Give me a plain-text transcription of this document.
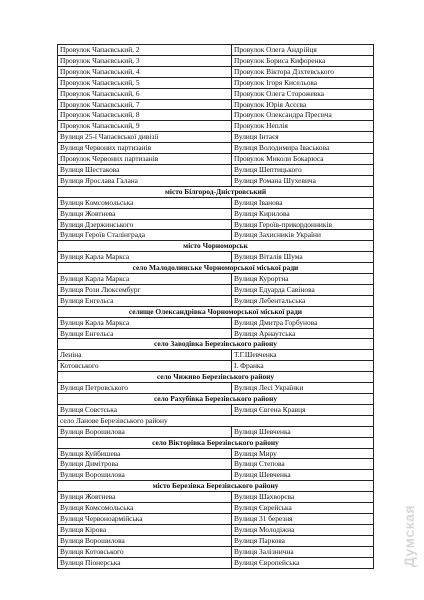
Провулок Чапаєвський, 2	Провулок Олега Андрійця
Провулок Чапаєвський, 3	Провулок Бориса Кифоренка
Провулок Чапаєвський, 4	Провулок Віктора Дзхтевського
Провулок Чапаєвський, 5	Провулок Ігоря Кисельова
Провулок Чапаєвський, 6	Провулок Олега Сторожевка
Провулок Чапаєвський, 7	Провулок Юрія Асєєва
Провулок Чапаєвський, 8	Провулок Олександра Пресича
Провулок Чапаєвський, 9	Провулок Неплія
Вулиця 25-ї Чапаєвської дивізії	Вулиця Інтаєя
Вулиця Червоних партизанів	Вулиця Володимира Іваськова
Провулок Червоних партизанів	Провулок Миколи Бокарюса
Вулиця Шестакова	Вулиця Шептицького
Вулиця Ярослава Галана	Вулиця Романа Шухевича
місто Білгород-Дністровський	
Вулиця Комсомольська	Вулиця Іванова
Вулиця Жовтнева	Вулиця Кирилова
Вулиця Дзержинського	Вулиця Героїв-прикордонників
Вулиця Героїв Сталінграда	Вулиця Захисників України
місто Чорноморськ	
Вулиця Карла Маркса	Вулиця Віталія Шума
село Малодолинське Чорноморської міської ради	
Вулиця Карла Маркса	Вулиця Курортна
Вулиця Рози Люксембург	Вулиця Едуарда Савінова
Вулиця Енгельса	Вулиця Лебентальська
селище Олександрівка Чорноморської міської ради	
Вулиця Карла Маркса	Вулиця Дмитра Горбунова
Вулиця Енгельса	Вулиця Арнаутська
село Заводівка Березівського району	
Леніна	Т.Г.Шевченка
Котовського	І. Франка
село Чиживо Березівського району	
Вулиця Петровського	Вулиця Лесі Українки
село Рахубівка Березівського району	
Вулиця Совєтська	Вулиця Євгена Кравця
село Ланове Березівського району	
Вулиця Ворошилова	Вулиця Шевченка
село Вікторівка Березівського району	
Вулиця Куйбишева	Вулиця Миру
Вулиця Димітрова	Вулиця Степова
Вулиця Ворошилова	Вулиця Шевченка
місто Березівка Березівського району	
Вулиця Жовтнева	Вулиця Шахворєва
Вулиця Комсомольська	Вулиця Єврейська
Вулиця Червоноармійська	Вулиця 31 березня
Вулиця Кірова	Вулиця Молодіжна
Вулиця Ворошилова	Вулиця Паркова
Вулиця Котовського	Вулиця Залізнична
Вулиця Піонерська	Вулиця Європейська	Думская
